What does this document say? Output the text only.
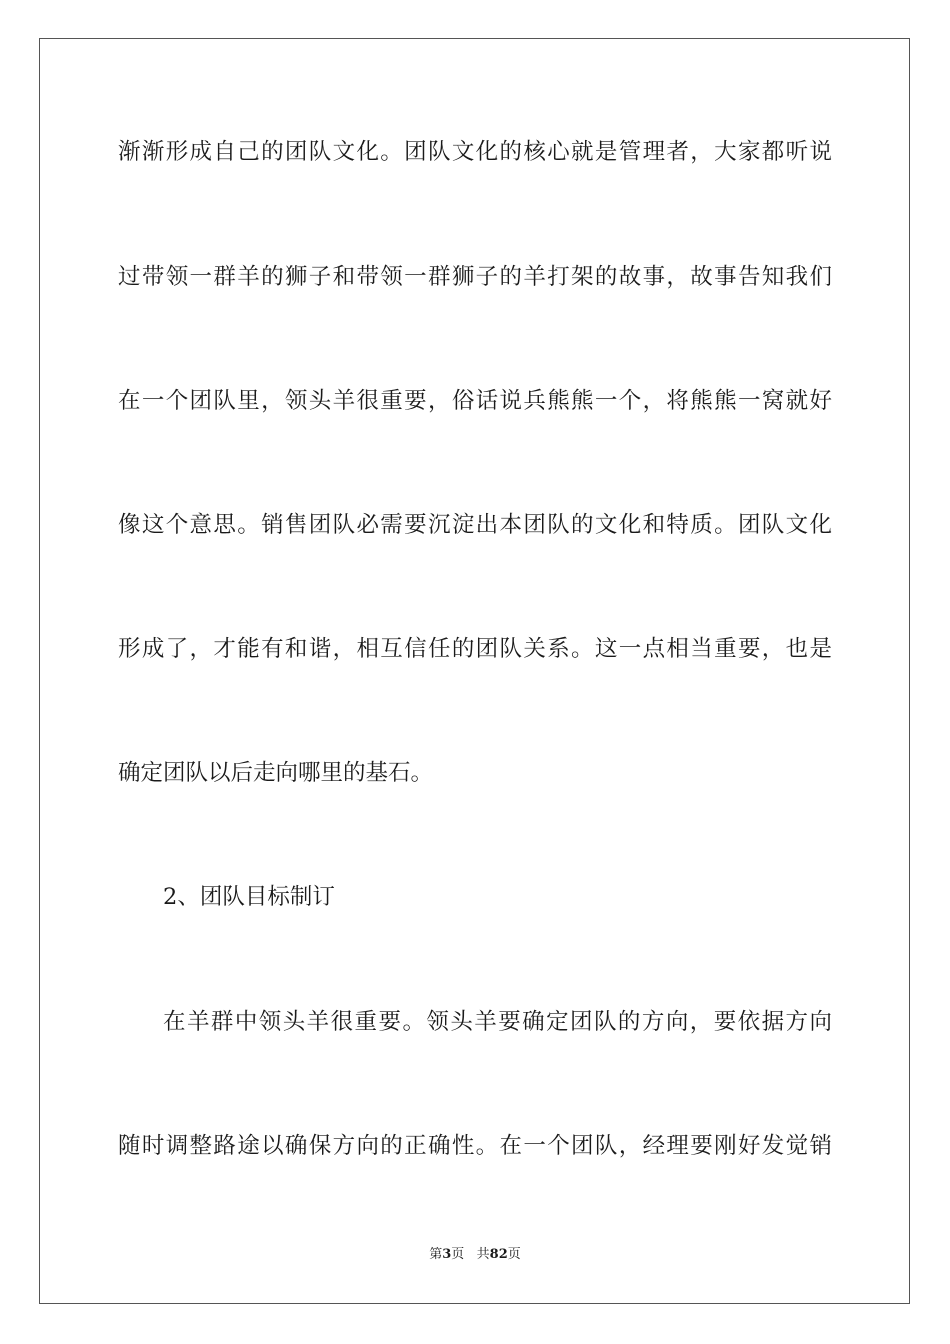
渐渐形成自己的团队文化。团队文化的核心就是管理者，大家都听说
过带领一群羊的狮子和带领一群狮子的羊打架的故事，故事告知我们
在一个团队里，领头羊很重要，俗话说兵熊熊一个，将熊熊一窝就好
像这个意思。销售团队必需要沉淀出本团队的文化和特质。团队文化
形成了，才能有和谐，相互信任的团队关系。这一点相当重要，也是
确定团队以后走向哪里的基石。
2、团队目标制订
在羊群中领头羊很重要。领头羊要确定团队的方向，要依据方向
随时调整路途以确保方向的正确性。在一个团队，经理要刚好发觉销
第3页   共82页
